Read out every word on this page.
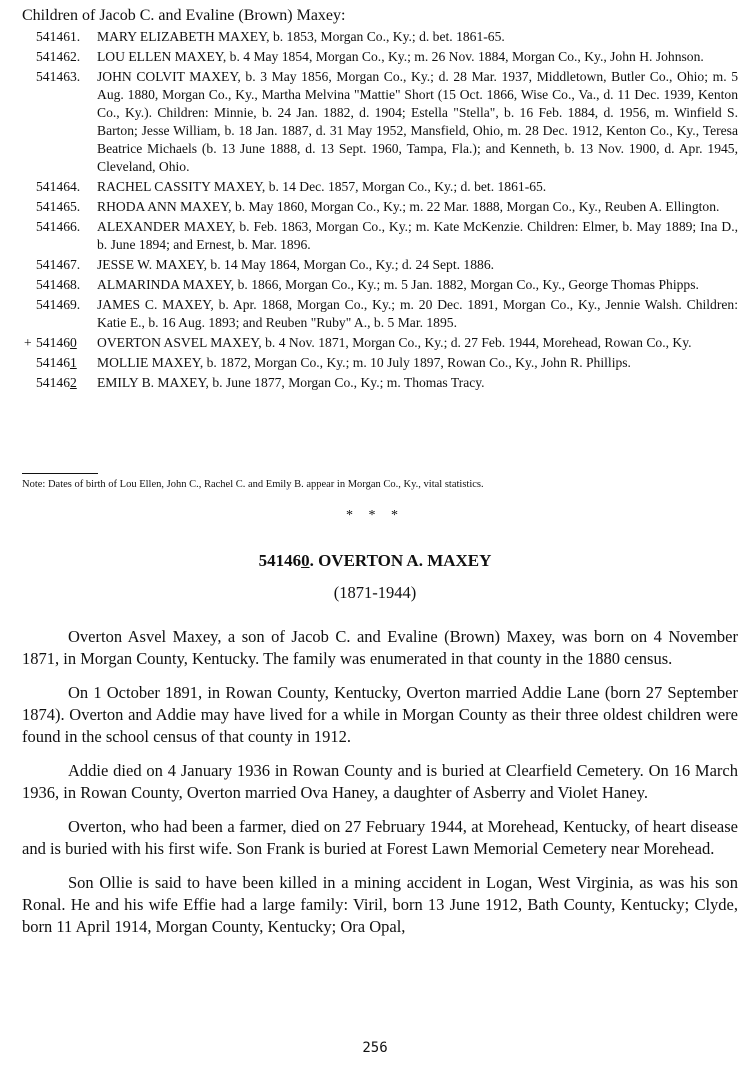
Children of Jacob C. and Evaline (Brown) Maxey:
541461.	MARY ELIZABETH MAXEY, b. 1853, Morgan Co., Ky.; d. bet. 1861-65.
541462.	LOU ELLEN MAXEY, b. 4 May 1854, Morgan Co., Ky.; m. 26 Nov. 1884, Morgan Co., Ky., John H. Johnson.
541463.	JOHN COLVIT MAXEY, b. 3 May 1856, Morgan Co., Ky.; d. 28 Mar. 1937, Middletown, Butler Co., Ohio; m. 5 Aug. 1880, Morgan Co., Ky., Martha Melvina "Mattie" Short (15 Oct. 1866, Wise Co., Va., d. 11 Dec. 1939, Kenton Co., Ky.). Children: Minnie, b. 24 Jan. 1882, d. 1904; Estella "Stella", b. 16 Feb. 1884, d. 1956, m. Winfield S. Barton; Jesse William, b. 18 Jan. 1887, d. 31 May 1952, Mansfield, Ohio, m. 28 Dec. 1912, Kenton Co., Ky., Teresa Beatrice Michaels (b. 13 June 1888, d. 13 Sept. 1960, Tampa, Fla.); and Kenneth, b. 13 Nov. 1900, d. Apr. 1945, Cleveland, Ohio.
541464.	RACHEL CASSITY MAXEY, b. 14 Dec. 1857, Morgan Co., Ky.; d. bet. 1861-65.
541465.	RHODA ANN MAXEY, b. May 1860, Morgan Co., Ky.; m. 22 Mar. 1888, Morgan Co., Ky., Reuben A. Ellington.
541466.	ALEXANDER MAXEY, b. Feb. 1863, Morgan Co., Ky.; m. Kate McKenzie. Children: Elmer, b. May 1889; Ina D., b. June 1894; and Ernest, b. Mar. 1896.
541467.	JESSE W. MAXEY, b. 14 May 1864, Morgan Co., Ky.; d. 24 Sept. 1886.
541468.	ALMARINDA MAXEY, b. 1866, Morgan Co., Ky.; m. 5 Jan. 1882, Morgan Co., Ky., George Thomas Phipps.
541469.	JAMES C. MAXEY, b. Apr. 1868, Morgan Co., Ky.; m. 20 Dec. 1891, Morgan Co., Ky., Jennie Walsh. Children: Katie E., b. 16 Aug. 1893; and Reuben "Ruby" A., b. 5 Mar. 1895.
+ 541460	OVERTON ASVEL MAXEY, b. 4 Nov. 1871, Morgan Co., Ky.; d. 27 Feb. 1944, Morehead, Rowan Co., Ky.
541461	MOLLIE MAXEY, b. 1872, Morgan Co., Ky.; m. 10 July 1897, Rowan Co., Ky., John R. Phillips.
541462	EMILY B. MAXEY, b. June 1877, Morgan Co., Ky.; m. Thomas Tracy.
Note: Dates of birth of Lou Ellen, John C., Rachel C. and Emily B. appear in Morgan Co., Ky., vital statistics.
* * *
541460. OVERTON A. MAXEY
(1871-1944)

Overton Asvel Maxey, a son of Jacob C. and Evaline (Brown) Maxey, was born on 4 November 1871, in Morgan County, Kentucky. The family was enumerated in that county in the 1880 census.

On 1 October 1891, in Rowan County, Kentucky, Overton married Addie Lane (born 27 September 1874). Overton and Addie may have lived for a while in Morgan County as their three oldest children were found in the school census of that county in 1912.

Addie died on 4 January 1936 in Rowan County and is buried at Clearfield Cemetery. On 16 March 1936, in Rowan County, Overton married Ova Haney, a daughter of Asberry and Violet Haney.

Overton, who had been a farmer, died on 27 February 1944, at Morehead, Kentucky, of heart disease and is buried with his first wife. Son Frank is buried at Forest Lawn Memorial Cemetery near Morehead.

Son Ollie is said to have been killed in a mining accident in Logan, West Virginia, as was his son Ronal. He and his wife Effie had a large family: Viril, born 13 June 1912, Bath County, Kentucky; Clyde, born 11 April 1914, Morgan County, Kentucky; Ora Opal,

256
